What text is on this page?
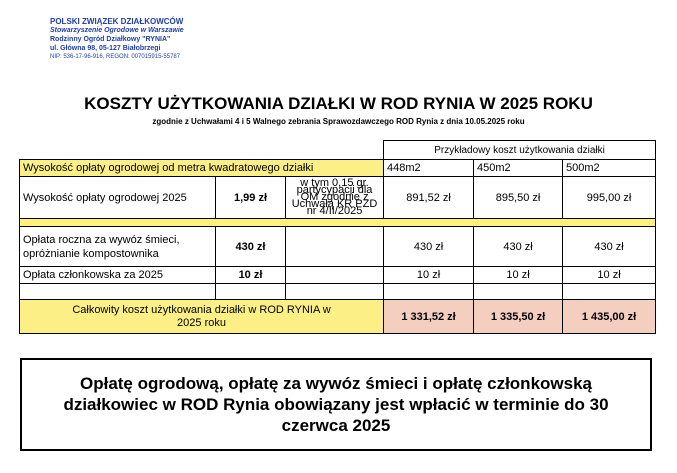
POLSKI ZWIĄZEK DZIAŁKOWCÓW
Stowarzyszenie Ogrodowe w Warszawie
Rodzinny Ogród Działkowy "RYNIA"
ul. Główna 98, 05-127 Białobrzegi
NIP: 536-17-96-916, REGON: 007015915-55787
KOSZTY UŻYTKOWANIA DZIAŁKI W ROD RYNIA W 2025 ROKU
zgodnie z Uchwałami 4 i 5 Walnego zebrania Sprawozdawczego ROD Rynia z dnia 10.05.2025 roku
			Przykładowy koszt użytkowania działki		
Wysokość opłaty ogrodowej od metra kwadratowego działki			448m2	450m2	500m2
Wysokość opłaty ogrodowej 2025	1,99 zł	w tym 0,15 gr. partycypacji dla OM zgodnie z Uchwałą KR PZD nr 4/II/2025	891,52 zł	895,50 zł	995,00 zł

Opłata roczna za wywóz śmieci, opróżnianie kompostownika	430 zł		430 zł	430 zł	430 zł
Opłata członkowska za 2025	10 zł		10 zł	10 zł	10 zł

Całkowity koszt użytkowania działki w ROD RYNIA w 2025 roku			1 331,52 zł	1 335,50 zł	1 435,00 zł
Opłatę ogrodową, opłatę za wywóz śmieci i opłatę członkowską działkowiec w ROD Rynia obowiązany jest wpłacić w terminie do 30 czerwca 2025
